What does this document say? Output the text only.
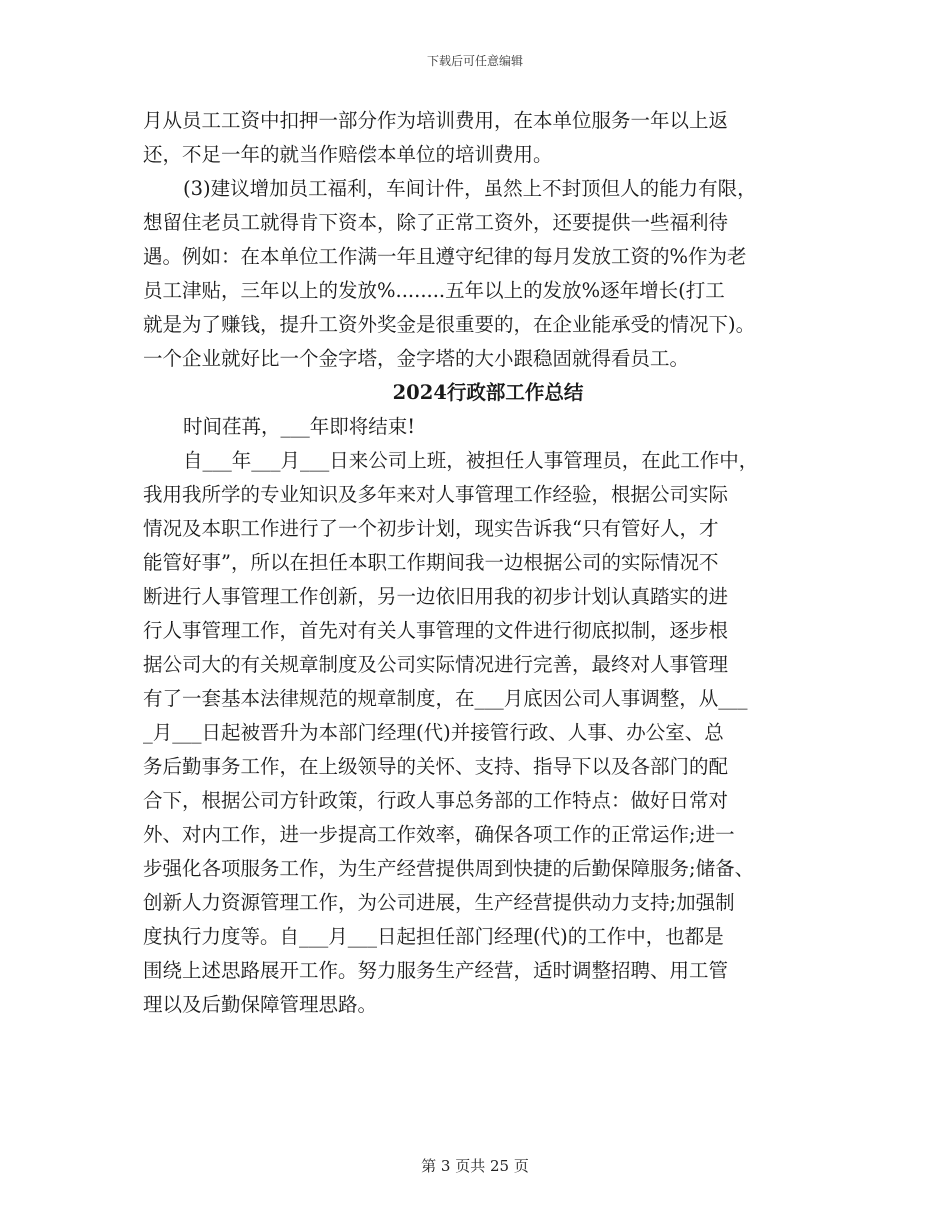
下载后可任意编辑
月从员工工资中扣押一部分作为培训费用，在本单位服务一年以上返
还，不足一年的就当作赔偿本单位的培训费用。
(3)建议增加员工福利，车间计件，虽然上不封顶但人的能力有限，
想留住老员工就得肯下资本，除了正常工资外，还要提供一些福利待
遇。例如：在本单位工作满一年且遵守纪律的每月发放工资的%作为老
员工津贴，三年以上的发放%........五年以上的发放%逐年增长(打工
就是为了赚钱，提升工资外奖金是很重要的，在企业能承受的情况下)。
一个企业就好比一个金字塔，金字塔的大小跟稳固就得看员工。
2024行政部工作总结
时间荏苒，___年即将结束!
自___年___月___日来公司上班，被担任人事管理员，在此工作中，
我用我所学的专业知识及多年来对人事管理工作经验，根据公司实际
情况及本职工作进行了一个初步计划，现实告诉我“只有管好人，才
能管好事”，所以在担任本职工作期间我一边根据公司的实际情况不
断进行人事管理工作创新，另一边依旧用我的初步计划认真踏实的进
行人事管理工作，首先对有关人事管理的文件进行彻底拟制，逐步根
据公司大的有关规章制度及公司实际情况进行完善，最终对人事管理
有了一套基本法律规范的规章制度，在___月底因公司人事调整，从___
_月___日起被晋升为本部门经理(代)并接管行政、人事、办公室、总
务后勤事务工作，在上级领导的关怀、支持、指导下以及各部门的配
合下，根据公司方针政策，行政人事总务部的工作特点：做好日常对
外、对内工作，进一步提高工作效率，确保各项工作的正常运作;进一
步强化各项服务工作，为生产经营提供周到快捷的后勤保障服务;储备、
创新人力资源管理工作，为公司进展，生产经营提供动力支持;加强制
度执行力度等。自___月___日起担任部门经理(代)的工作中，也都是
围绕上述思路展开工作。努力服务生产经营，适时调整招聘、用工管
理以及后勤保障管理思路。
第 3 页共 25 页
